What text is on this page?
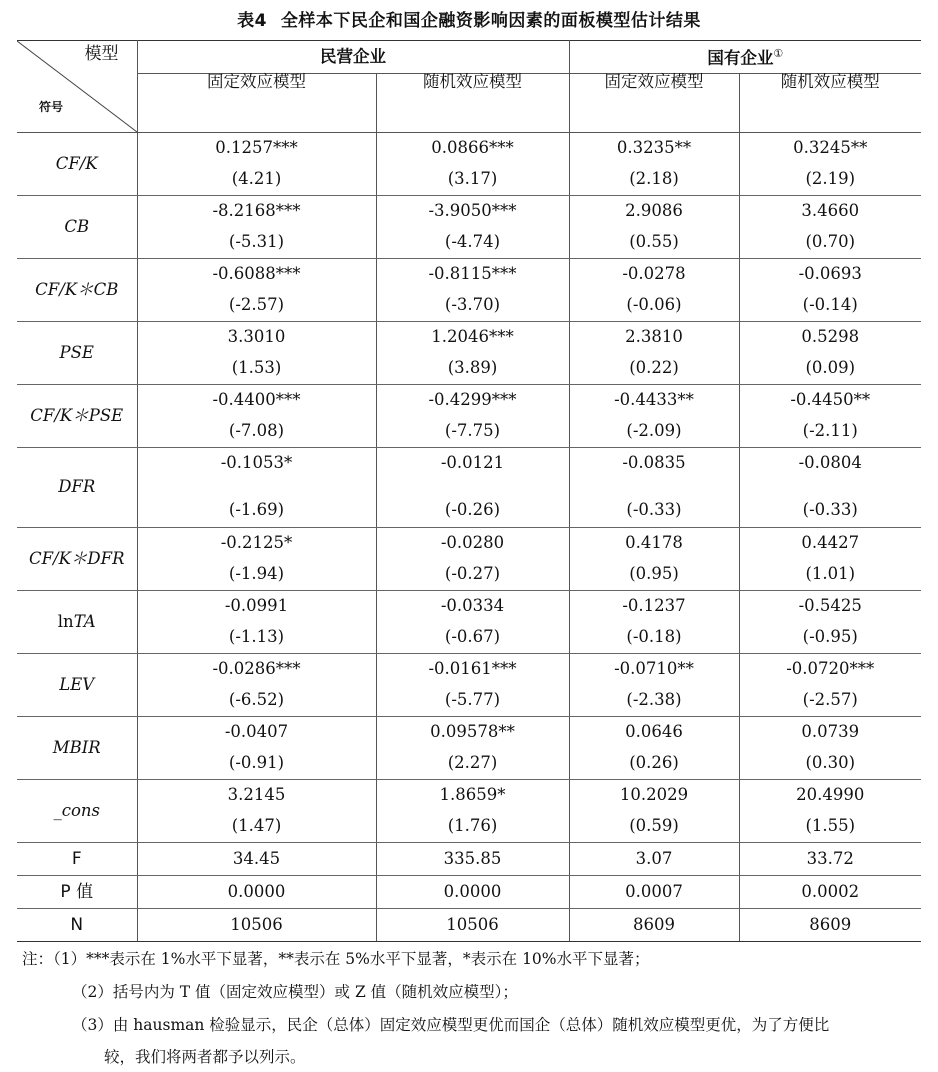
表4 全样本下民企和国企融资影响因素的面板模型估计结果
模型
符号	民营企业		国有企业①
	固定效应模型	随机效应模型	固定效应模型	随机效应模型
CF/K	0.1257***	0.0866***	0.3235**	0.3245**
	(4.21)	(3.17)	(2.18)	(2.19)
CB	-8.2168***	-3.9050***	2.9086	3.4660
	(-5.31)	(-4.74)	(0.55)	(0.70)
CF/K＊CB	-0.6088***	-0.8115***	-0.0278	-0.0693
	(-2.57)	(-3.70)	(-0.06)	(-0.14)
PSE	3.3010	1.2046***	2.3810	0.5298
	(1.53)	(3.89)	(0.22)	(0.09)
CF/K＊PSE	-0.4400***	-0.4299***	-0.4433**	-0.4450**
	(-7.08)	(-7.75)	(-2.09)	(-2.11)
DFR	-0.1053*	-0.0121	-0.0835	-0.0804
	(-1.69)	(-0.26)	(-0.33)	(-0.33)
CF/K＊DFR	-0.2125*	-0.0280	0.4178	0.4427
	(-1.94)	(-0.27)	(0.95)	(1.01)
lnTA	-0.0991	-0.0334	-0.1237	-0.5425
	(-1.13)	(-0.67)	(-0.18)	(-0.95)
LEV	-0.0286***	-0.0161***	-0.0710**	-0.0720***
	(-6.52)	(-5.77)	(-2.38)	(-2.57)
MBIR	-0.0407	0.09578**	0.0646	0.0739
	(-0.91)	(2.27)	(0.26)	(0.30)
_cons	3.2145	1.8659*	10.2029	20.4990
	(1.47)	(1.76)	(0.59)	(1.55)
F	34.45	335.85	3.07	33.72
P 值	0.0000	0.0000	0.0007	0.0002
N	10506	10506	8609	8609
注：（1）***表示在 1%水平下显著，**表示在 5%水平下显著，*表示在 10%水平下显著；
（2）括号内为 T 值（固定效应模型）或 Z 值（随机效应模型）；
（3）由 hausman 检验显示，民企（总体）固定效应模型更优而国企（总体）随机效应模型更优，为了方便比
较，我们将两者都予以列示。
